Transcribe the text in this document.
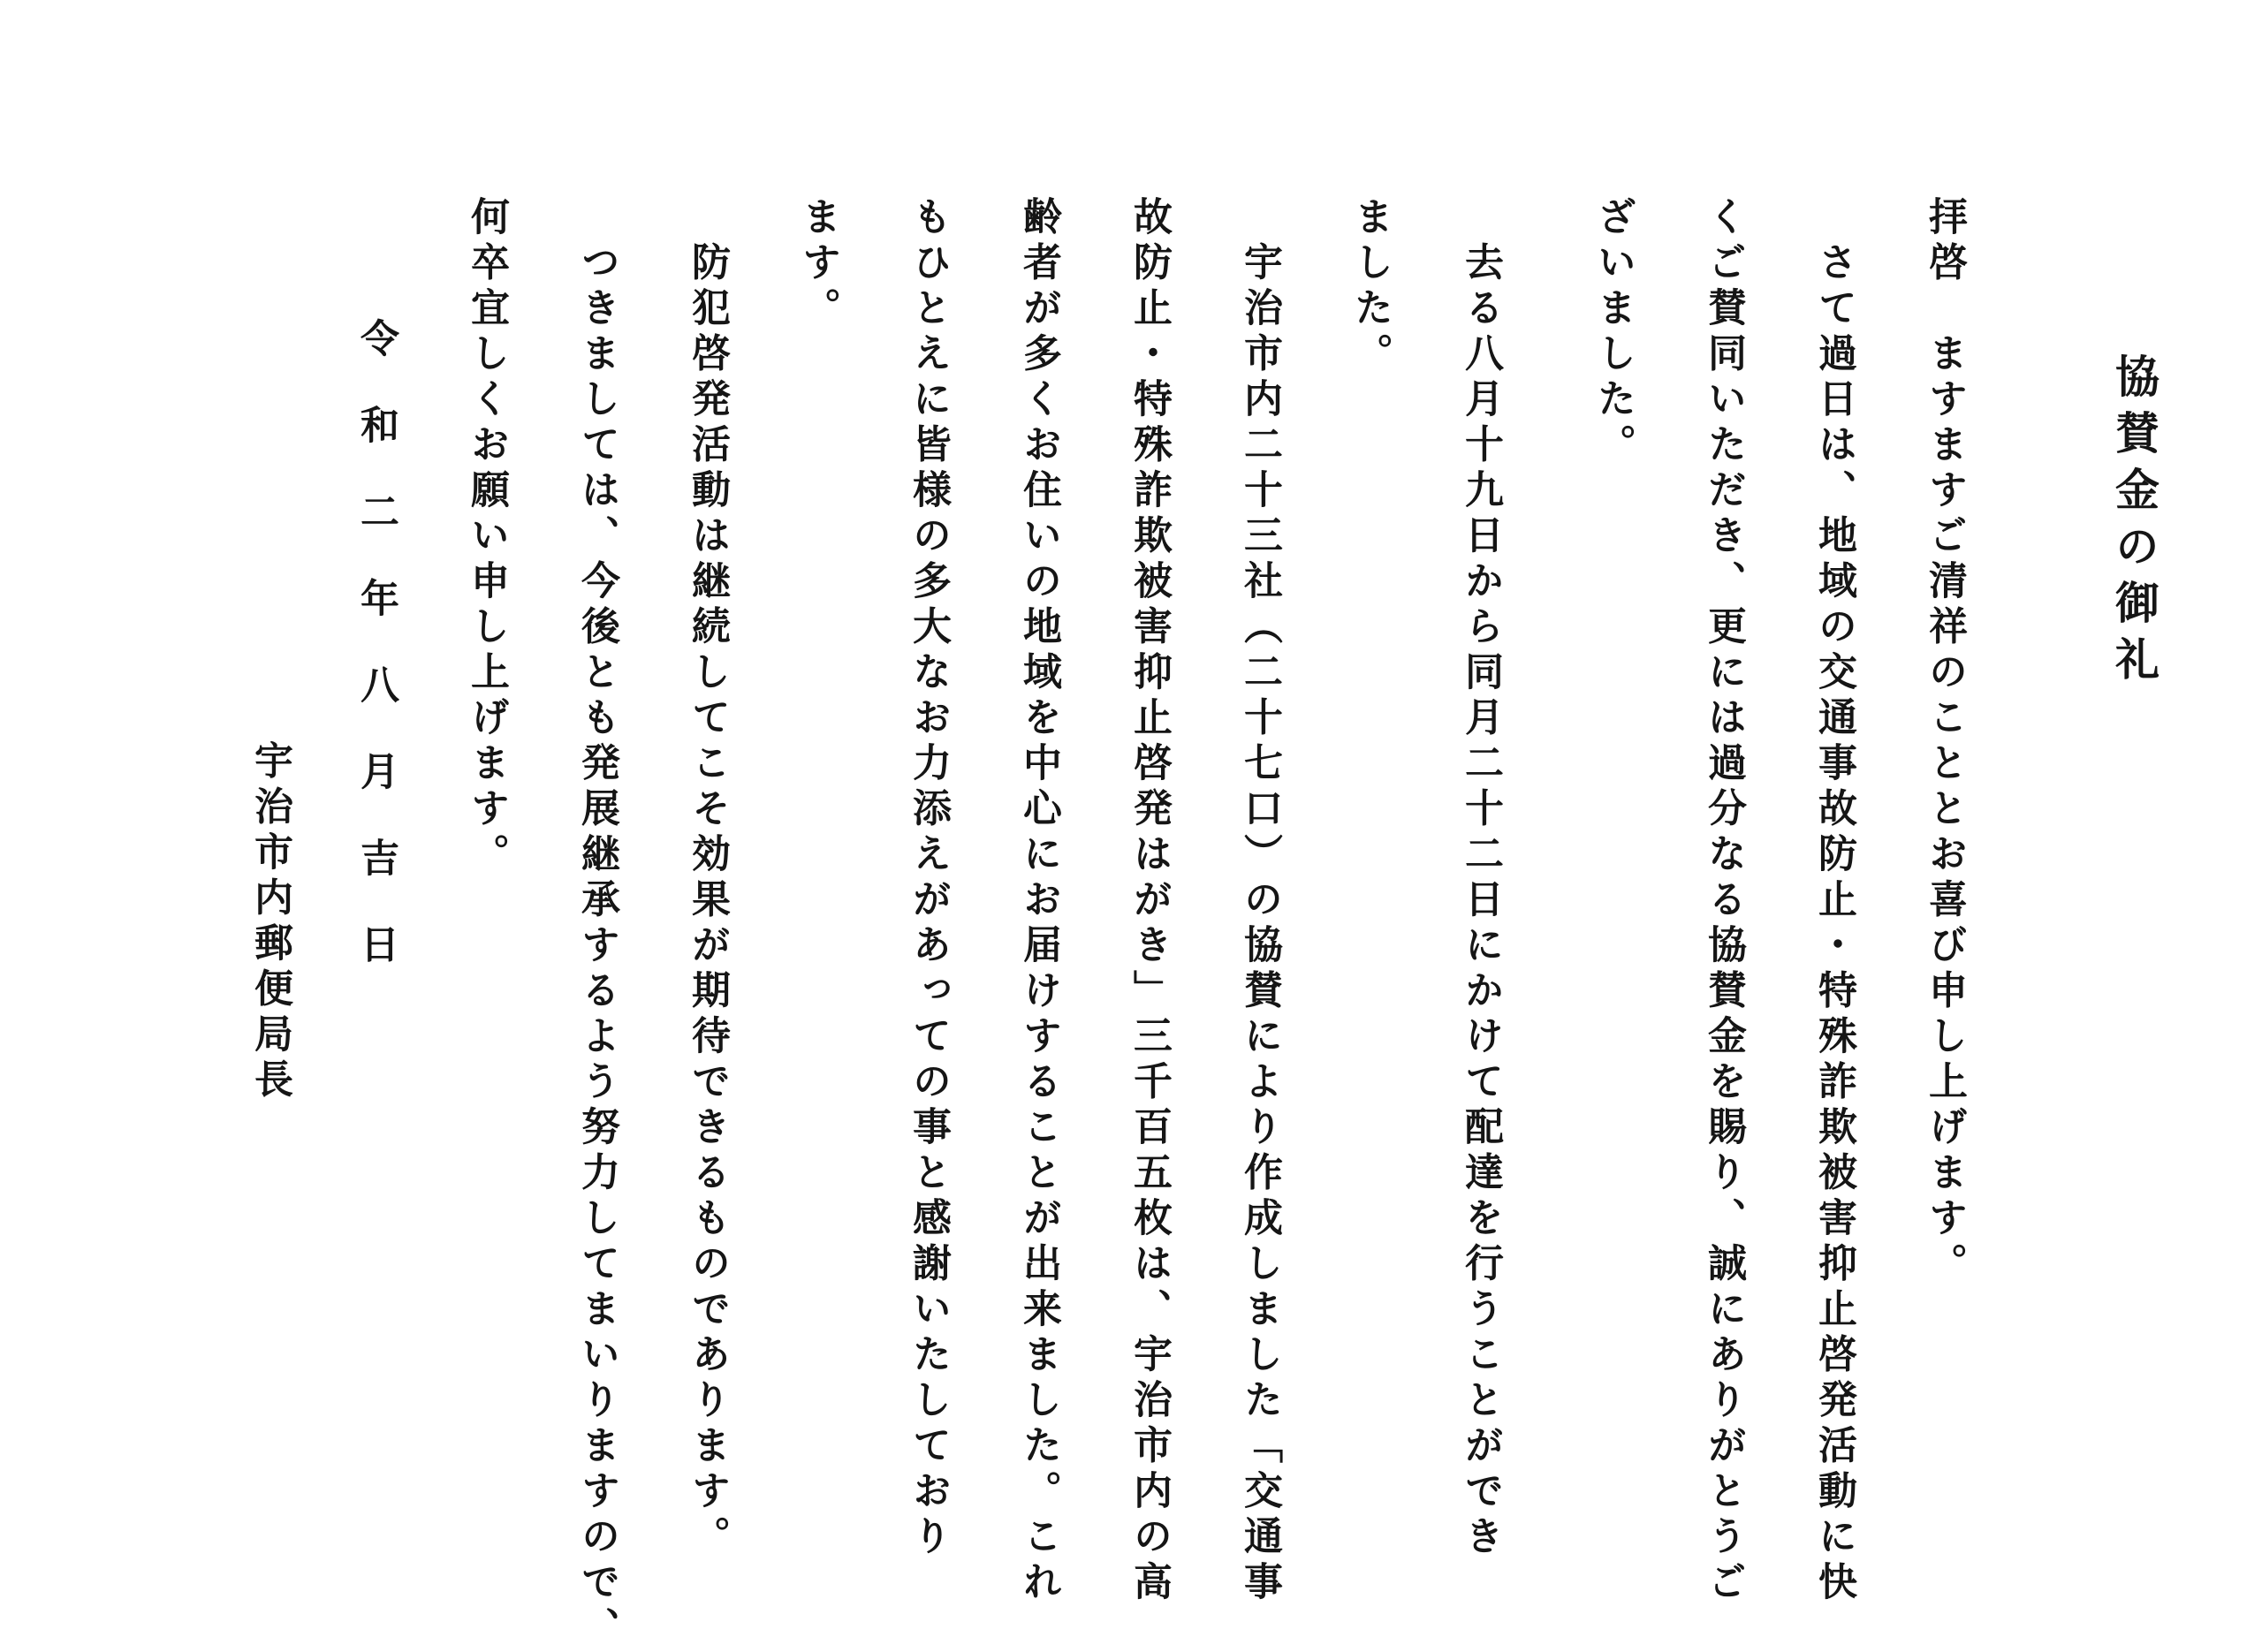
協賛金の御礼
拝啓　ますますご清祥のこととお喜び申し上げます。
　さて過日は、地域の交通事故防止・特殊詐欺被害抑止啓発活動に快
くご賛同いただき、更には過分なる協賛金を賜り、誠にありがとうご
ざいました。
　去る八月十九日から同月二十二日にかけて配達を行うことができ
ました。
　宇治市内二十三社（二十七口）の協賛により作成しました「交通事
故防止・特殊詐欺被害抑止啓発はがき」三千百五枚は、宇治市内の高
齢者が多くお住いの地域を中心にお届けすることが出来ました。これ
もひとえに皆様の多大なお力添えがあっての事と感謝いたしており
ます。
　防犯啓発活動は継続してこそ効果が期待できるものであります。
　つきましては、今後とも発展継承するよう努力してまいりますので、
何卒宜しくお願い申し上げます。
令和二年八月吉日
宇治市内郵便局長
